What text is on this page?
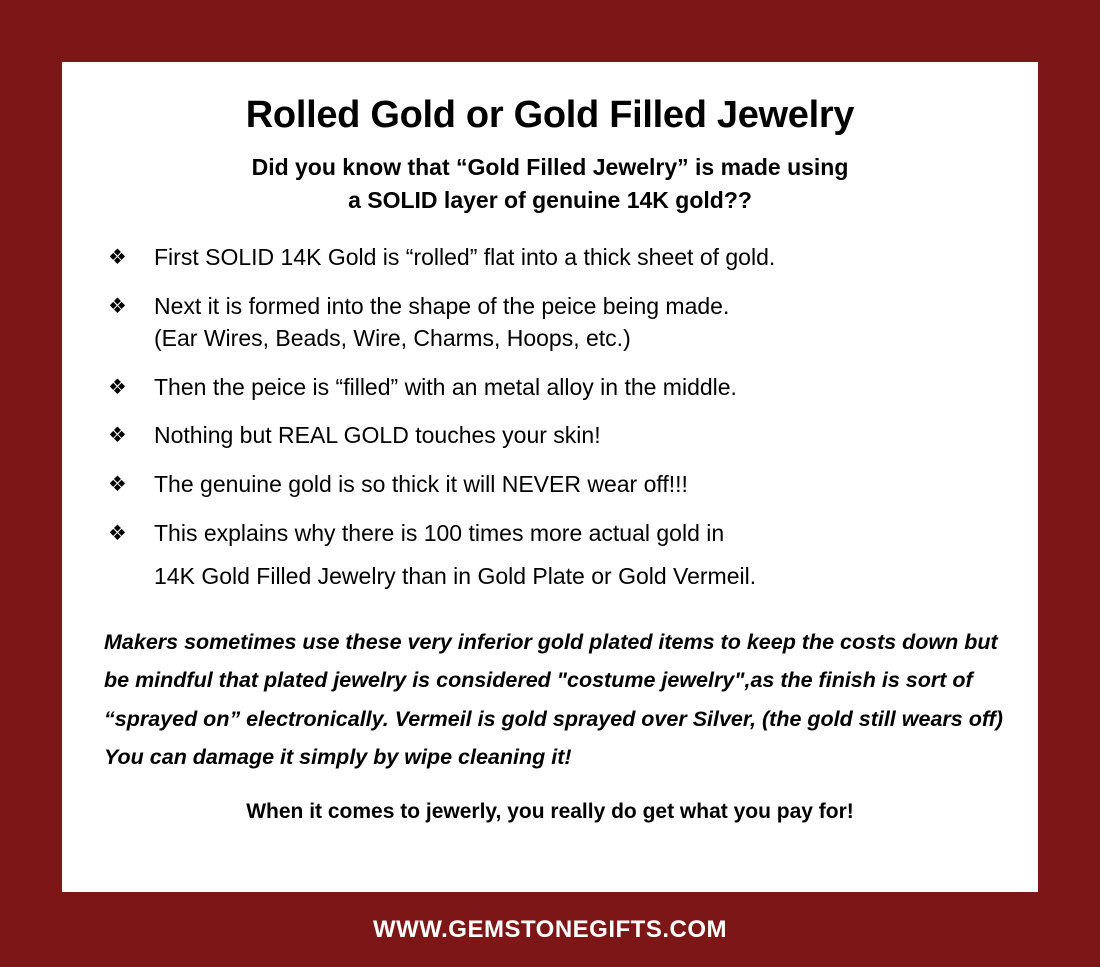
Rolled Gold or Gold Filled Jewelry
Did you know that “Gold Filled Jewelry” is made using
a SOLID layer of genuine 14K gold??
❖	First SOLID 14K Gold is “rolled” flat into a thick sheet of gold.
❖	Next it is formed into the shape of the peice being made.
(Ear Wires, Beads, Wire, Charms, Hoops, etc.)
❖	Then the peice is “filled” with an metal alloy in the middle.
❖	Nothing but REAL GOLD touches your skin!
❖	The genuine gold is so thick it will NEVER wear off!!!
❖	This explains why there is 100 times more actual gold in
14K Gold Filled Jewelry than in Gold Plate or Gold Vermeil.
Makers sometimes use these very inferior gold plated items to keep the costs down but be mindful that plated jewelry is considered "costume jewelry",as the finish is sort of “sprayed on” electronically. Vermeil is gold sprayed over Silver, (the gold still wears off) You can damage it simply by wipe cleaning it!
When it comes to jewerly, you really do get what you pay for!
WWW.GEMSTONEGIFTS.COM
